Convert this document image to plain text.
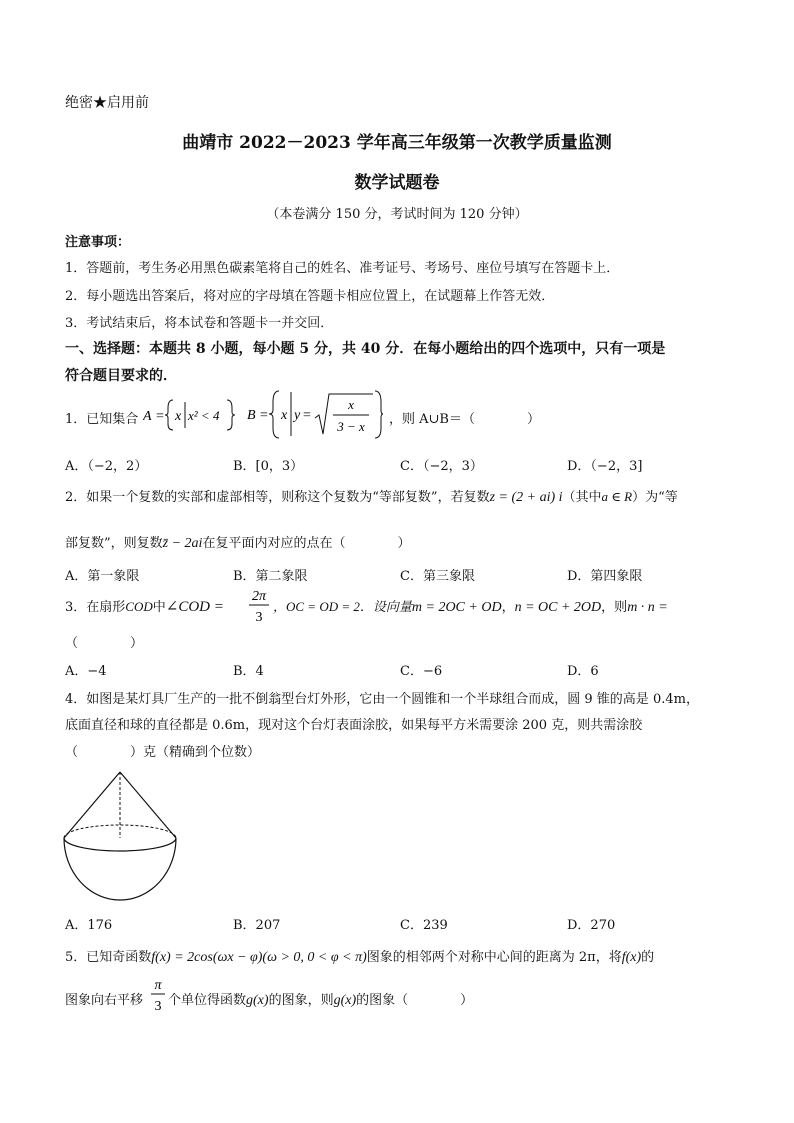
绝密★启用前
曲靖市 2022－2023 学年高三年级第一次教学质量监测
数学试题卷
（本卷满分 150 分，考试时间为 120 分钟）
注意事项：
1．答题前，考生务必用黑色碳素笔将自己的姓名、准考证号、考场号、座位号填写在答题卡上．
2．每小题选出答案后，将对应的字母填在答题卡相应位置上，在试题幕上作答无效．
3．考试结束后，将本试卷和答题卡一并交回．
一、选择题：本题共 8 小题，每小题 5 分，共 40 分．在每小题给出的四个选项中，只有一项是
符合题目要求的．
1．已知集合 A = x x² < 4 B = x y =
x
3 − x ，则 A∪B＝（　　　　）
A．（−2，2）	B．[0，3）	C．（−2，3）	D．（−2，3]
2．如果一个复数的实部和虚部相等，则称这个复数为“等部复数”，若复数z = (2 + ai) i（其中a ∈ R）为“等
部复数”，则复数z̄ − 2ai在复平面内对应的点在（　　　　）
A．第一象限	B．第二象限	C．第三象限	D．第四象限
3．在扇形COD中∠COD =
2π
3
，OC = OD = 2．设向量m = 2OC + OD，n = OC + 2OD，则m · n =
（　　　　）
A．−4	B．4	C．−6	D．6
4．如图是某灯具厂生产的一批不倒翁型台灯外形，它由一个圆锥和一个半球组合而成，圆 9 锥的高是 0.4m，
底面直径和球的直径都是 0.6m，现对这个台灯表面涂胶，如果每平方米需要涂 200 克，则共需涂胶
（　　　　）克（精确到个位数）
A．176	B．207	C．239	D．270
5．已知奇函数f(x) = 2cos(ωx − φ)(ω > 0, 0 < φ < π)图象的相邻两个对称中心间的距离为 2π，将f(x)的
图象向右平移
π
3 个单位得函数g(x)的图象，则g(x)的图象（　　　　）
